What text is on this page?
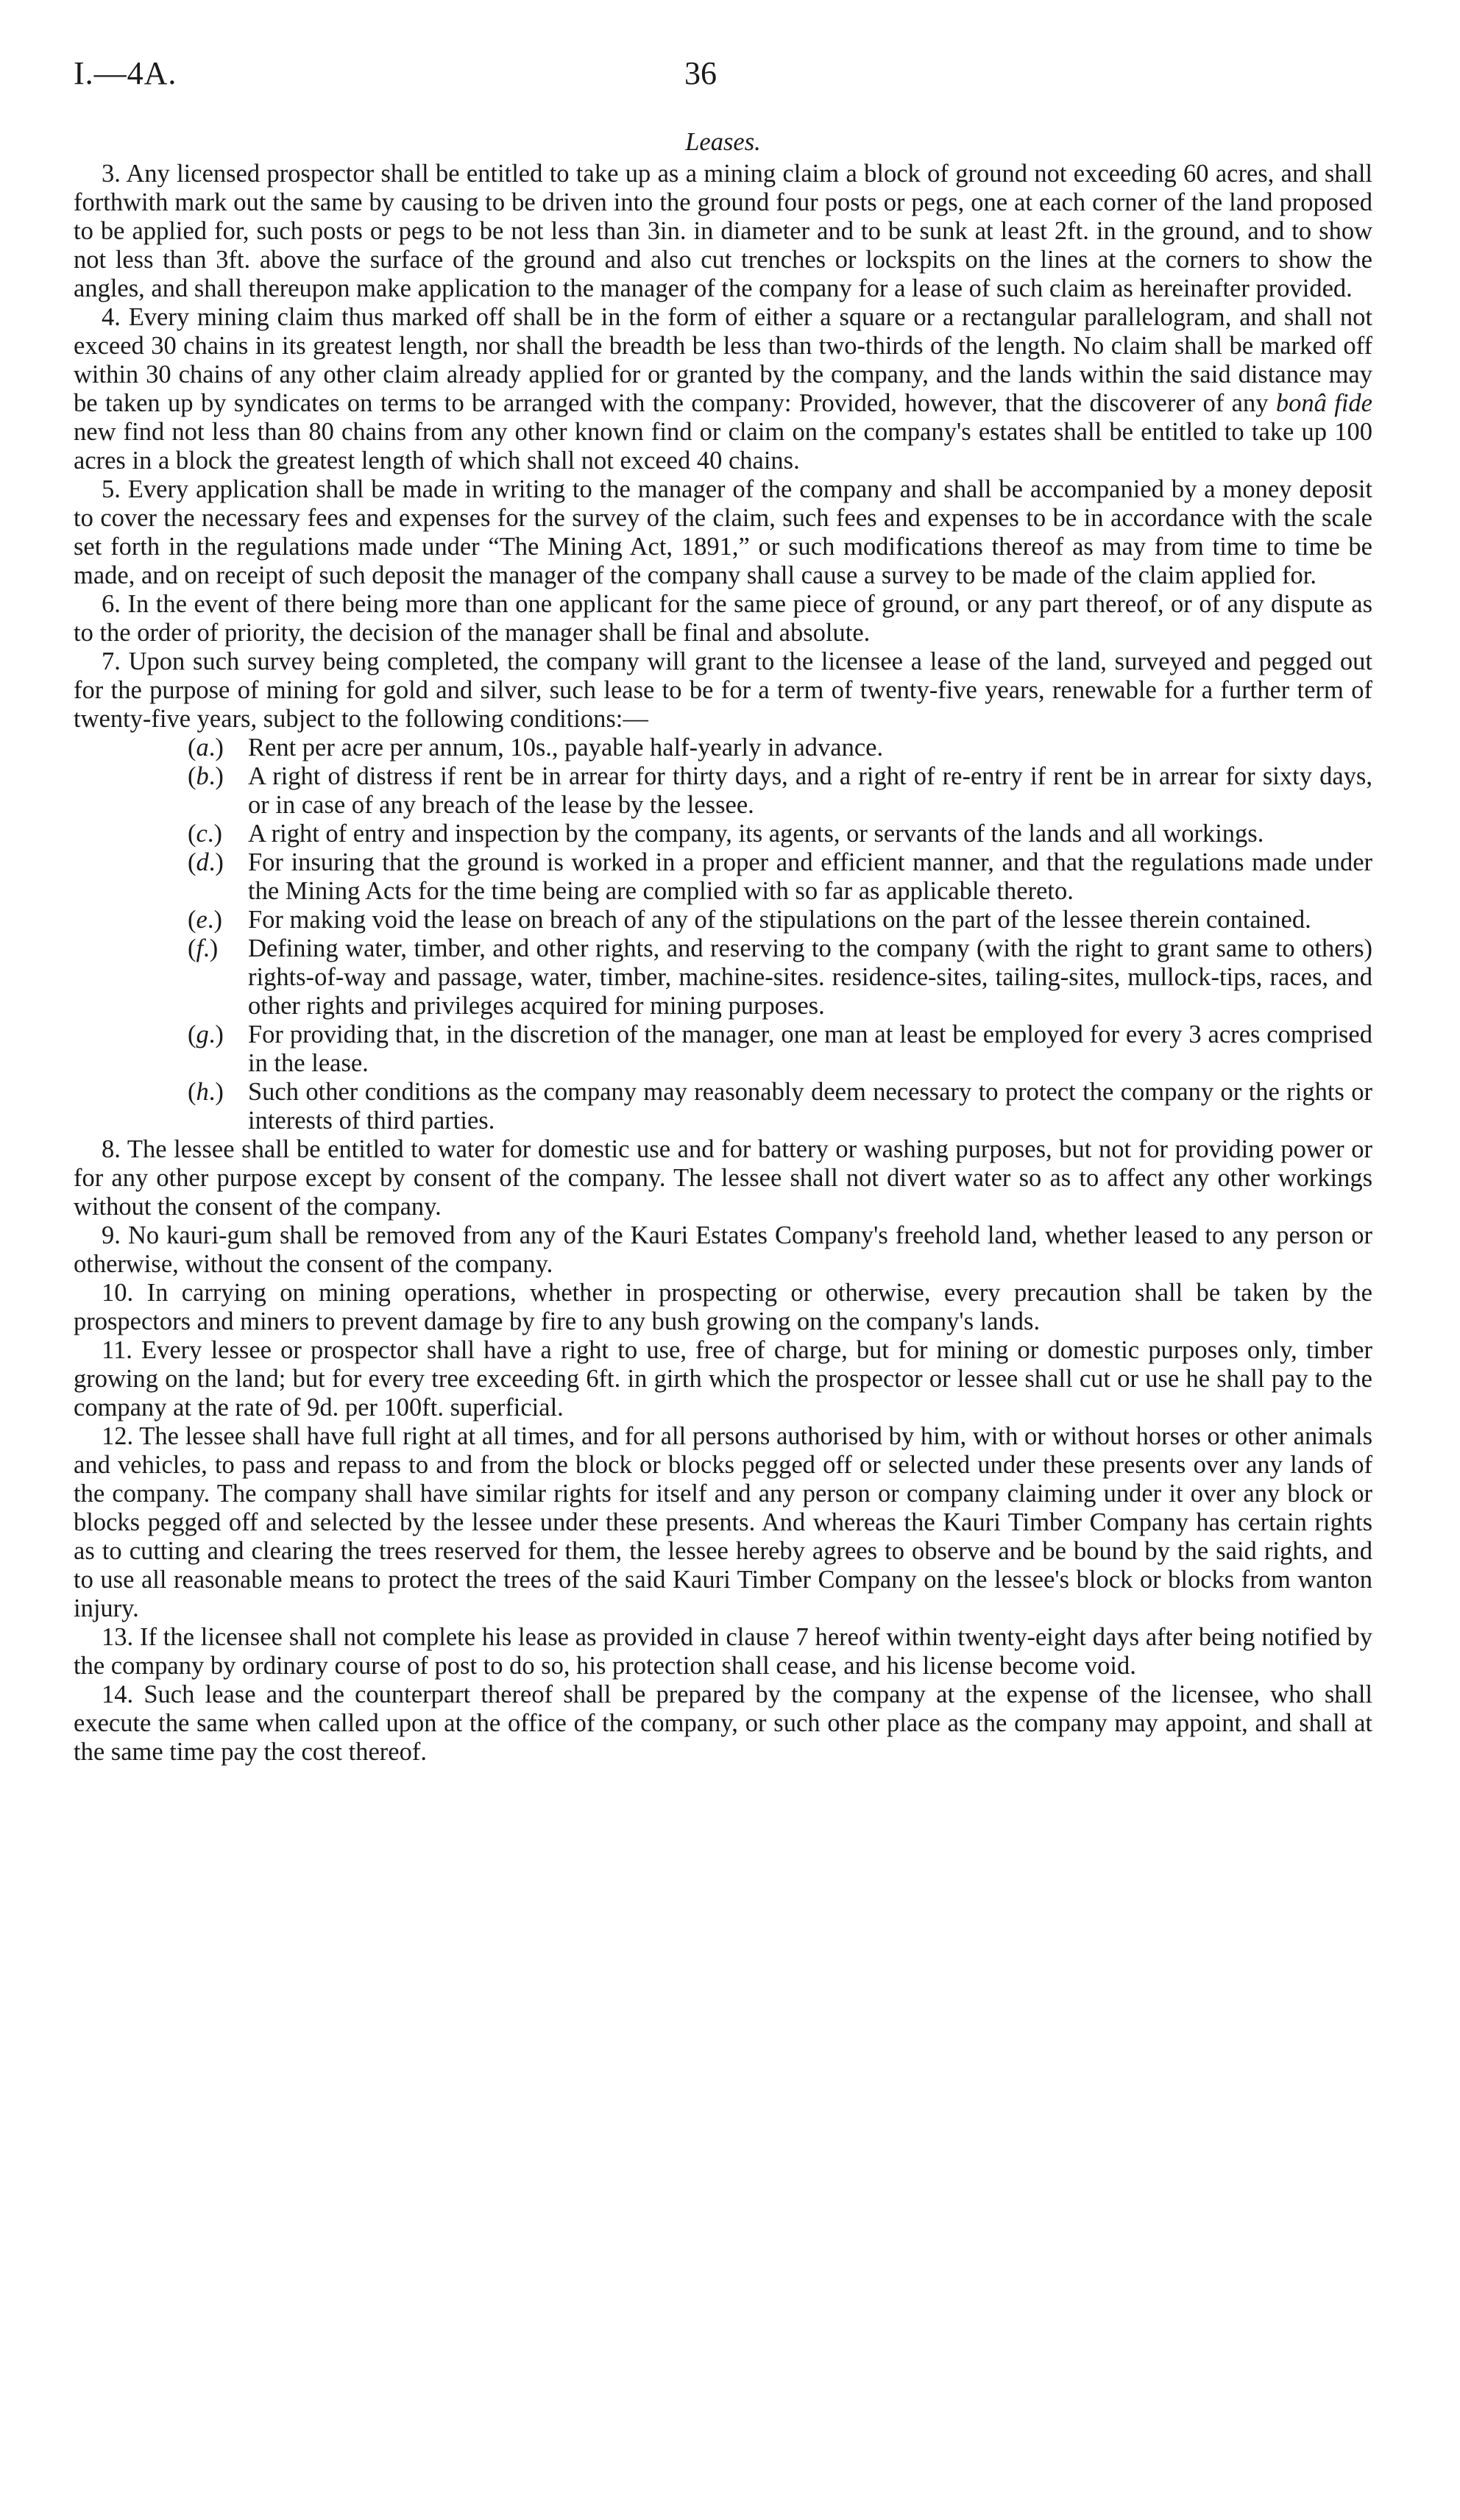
I.—4A.	36

Leases.

3. Any licensed prospector shall be entitled to take up as a mining claim a block of ground not exceeding 60 acres, and shall forthwith mark out the same by causing to be driven into the ground four posts or pegs, one at each corner of the land proposed to be applied for, such posts or pegs to be not less than 3in. in diameter and to be sunk at least 2ft. in the ground, and to show not less than 3ft. above the surface of the ground and also cut trenches or lockspits on the lines at the corners to show the angles, and shall thereupon make application to the manager of the company for a lease of such claim as hereinafter provided.

4. Every mining claim thus marked off shall be in the form of either a square or a rectangular parallelogram, and shall not exceed 30 chains in its greatest length, nor shall the breadth be less than two-thirds of the length. No claim shall be marked off within 30 chains of any other claim already applied for or granted by the company, and the lands within the said distance may be taken up by syndicates on terms to be arranged with the company: Provided, however, that the discoverer of any bonâ fide new find not less than 80 chains from any other known find or claim on the company's estates shall be entitled to take up 100 acres in a block the greatest length of which shall not exceed 40 chains.

5. Every application shall be made in writing to the manager of the company and shall be accompanied by a money deposit to cover the necessary fees and expenses for the survey of the claim, such fees and expenses to be in accordance with the scale set forth in the regulations made under “The Mining Act, 1891,” or such modifications thereof as may from time to time be made, and on receipt of such deposit the manager of the company shall cause a survey to be made of the claim applied for.

6. In the event of there being more than one applicant for the same piece of ground, or any part thereof, or of any dispute as to the order of priority, the decision of the manager shall be final and absolute.

7. Upon such survey being completed, the company will grant to the licensee a lease of the land, surveyed and pegged out for the purpose of mining for gold and silver, such lease to be for a term of twenty-five years, renewable for a further term of twenty-five years, subject to the following conditions:—

(a.) Rent per acre per annum, 10s., payable half-yearly in advance.
(b.) A right of distress if rent be in arrear for thirty days, and a right of re-entry if rent be in arrear for sixty days, or in case of any breach of the lease by the lessee.
(c.)	A right of entry and inspection by the company, its agents, or servants of the lands and all workings.
(d.) For insuring that the ground is worked in a proper and efficient manner, and that the regulations made under the Mining Acts for the time being are complied with so far as applicable thereto.
(e.)	For making void the lease on breach of any of the stipulations on the part of the lessee therein contained.
(f.)	Defining water, timber, and other rights, and reserving to the company (with the right to grant same to others) rights-of-way and passage, water, timber, machine-sites. residence-sites, tailing-sites, mullock-tips, races, and other rights and privileges acquired for mining purposes.
(g.) For providing that, in the discretion of the manager, one man at least be employed for every 3 acres comprised in the lease.
(h.) Such other conditions as the company may reasonably deem necessary to protect the company or the rights or interests of third parties.

8. The lessee shall be entitled to water for domestic use and for battery or washing purposes, but not for providing power or for any other purpose except by consent of the company. The lessee shall not divert water so as to affect any other workings without the consent of the company.

9. No kauri-gum shall be removed from any of the Kauri Estates Company's freehold land, whether leased to any person or otherwise, without the consent of the company.

10. In carrying on mining operations, whether in prospecting or otherwise, every precaution shall be taken by the prospectors and miners to prevent damage by fire to any bush growing on the company's lands.

11. Every lessee or prospector shall have a right to use, free of charge, but for mining or domestic purposes only, timber growing on the land; but for every tree exceeding 6ft. in girth which the prospector or lessee shall cut or use he shall pay to the company at the rate of 9d. per 100ft. superficial.

12. The lessee shall have full right at all times, and for all persons authorised by him, with or without horses or other animals and vehicles, to pass and repass to and from the block or blocks pegged off or selected under these presents over any lands of the company. The company shall have similar rights for itself and any person or company claiming under it over any block or blocks pegged off and selected by the lessee under these presents. And whereas the Kauri Timber Company has certain rights as to cutting and clearing the trees reserved for them, the lessee hereby agrees to observe and be bound by the said rights, and to use all reasonable means to protect the trees of the said Kauri Timber Company on the lessee's block or blocks from wanton injury.

13. If the licensee shall not complete his lease as provided in clause 7 hereof within twenty-eight days after being notified by the company by ordinary course of post to do so, his protection shall cease, and his license become void.

14. Such lease and the counterpart thereof shall be prepared by the company at the expense of the licensee, who shall execute the same when called upon at the office of the company, or such other place as the company may appoint, and shall at the same time pay the cost thereof.
